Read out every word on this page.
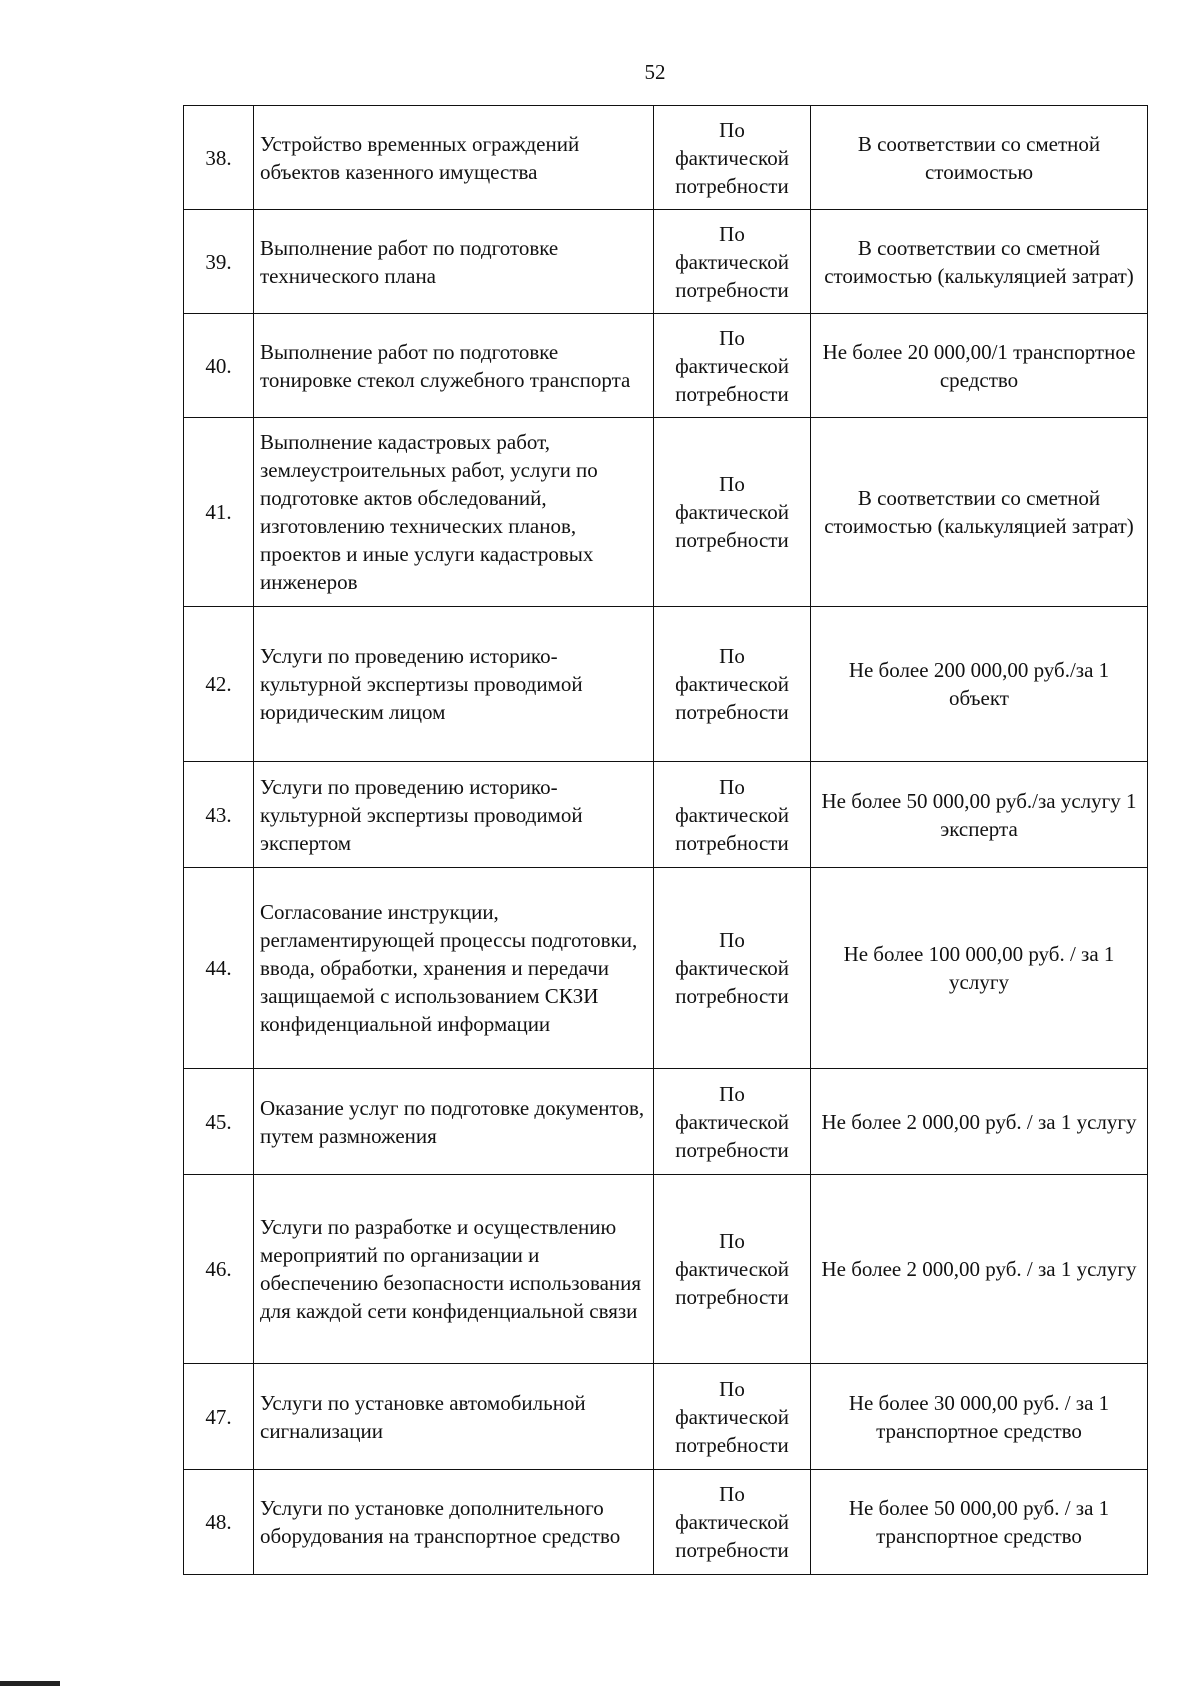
52
38.	Устройство временных ограждений объектов казенного имущества	По фактической потребности	В соответствии со сметной стоимостью
39.	Выполнение работ по подготовке технического плана	По фактической потребности	В соответствии со сметной стоимостью (калькуляцией затрат)
40.	Выполнение работ по подготовке тонировке стекол служебного транспорта	По фактической потребности	Не более 20 000,00/1 транспортное средство
41.	Выполнение кадастровых работ, землеустроительных работ, услуги по подготовке актов обследований, изготовлению технических планов, проектов и иные услуги кадастровых инженеров	По фактической потребности	В соответствии со сметной стоимостью (калькуляцией затрат)
42.	Услуги по проведению историко-культурной экспертизы проводимой юридическим лицом	По фактической потребности	Не более 200 000,00 руб./за 1 объект
43.	Услуги по проведению историко-культурной экспертизы проводимой экспертом	По фактической потребности	Не более 50 000,00 руб./за услугу 1 эксперта
44.	Согласование инструкции, регламентирующей процессы подготовки, ввода, обработки, хранения и передачи защищаемой с использованием СКЗИ конфиденциальной информации	По фактической потребности	Не более 100 000,00 руб. / за 1 услугу
45.	Оказание услуг по подготовке документов, путем размножения	По фактической потребности	Не более 2 000,00 руб. / за 1 услугу
46.	Услуги по разработке и осуществлению мероприятий по организации и обеспечению безопасности использования для каждой сети конфиденциальной связи	По фактической потребности	Не более 2 000,00 руб. / за 1 услугу
47.	Услуги по установке автомобильной сигнализации	По фактической потребности	Не более 30 000,00 руб. / за 1 транспортное средство
48.	Услуги по установке дополнительного оборудования на транспортное средство	По фактической потребности	Не более 50 000,00 руб. / за 1 транспортное средство
